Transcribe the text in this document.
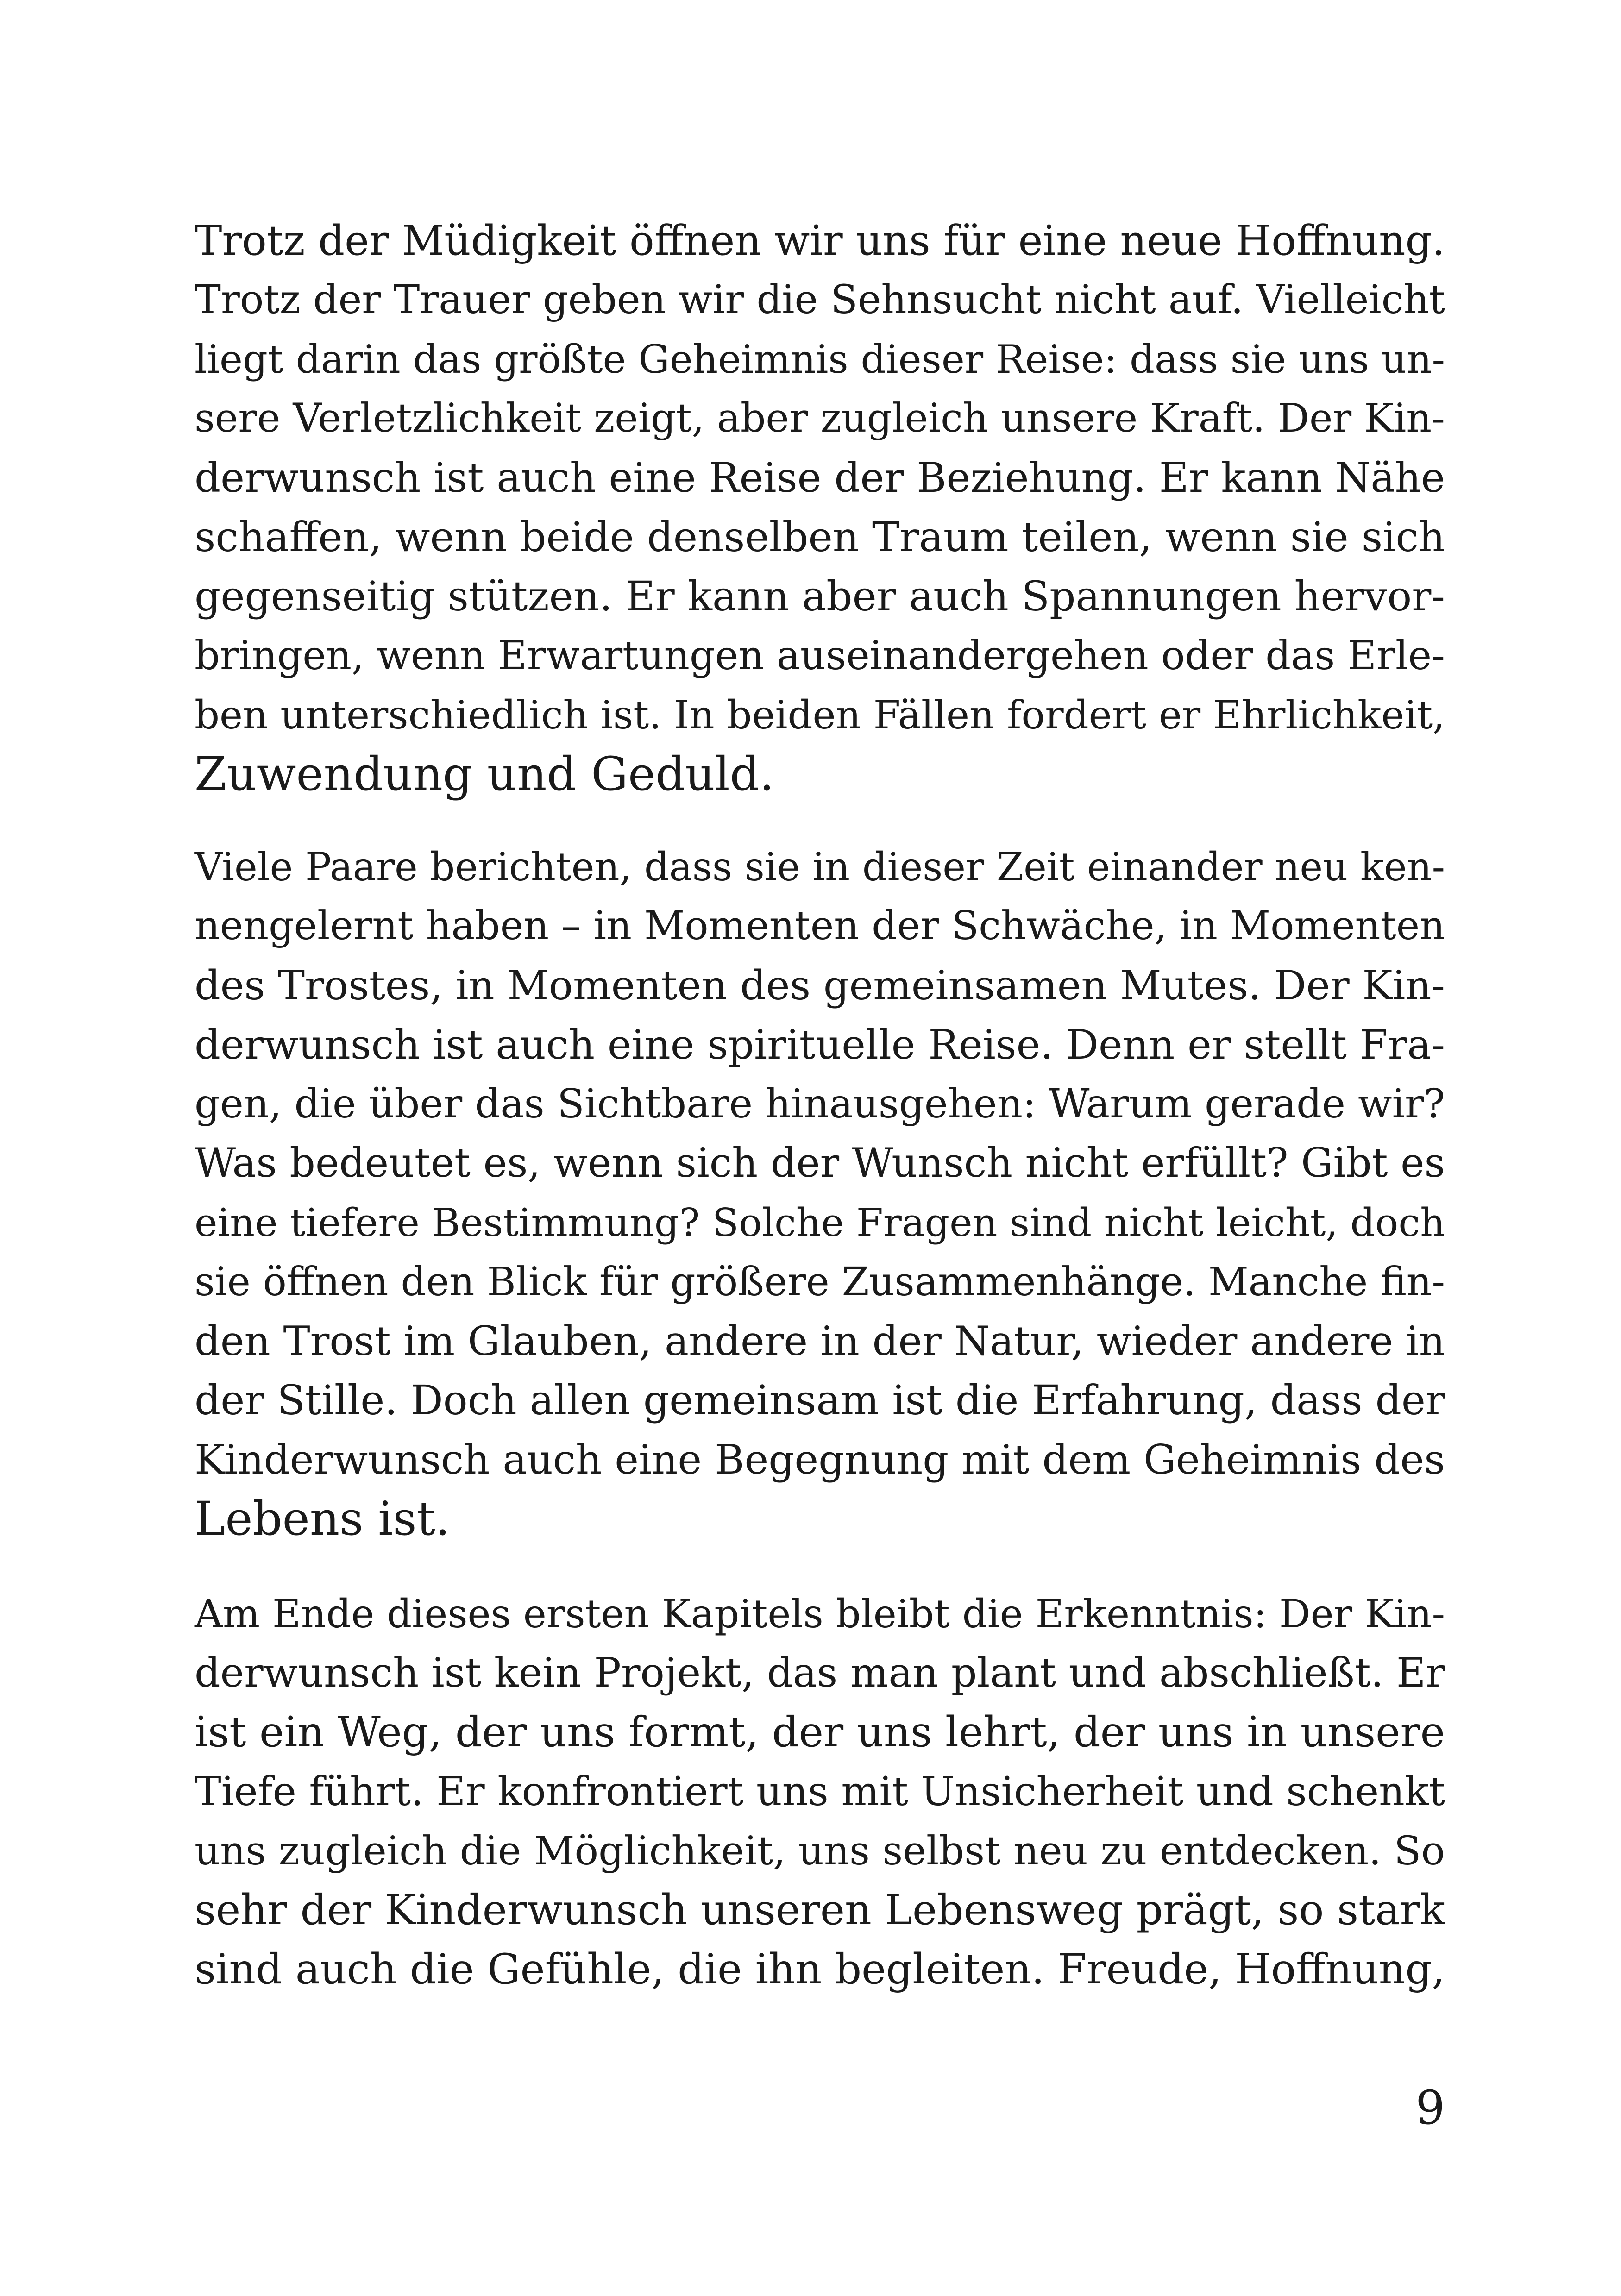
Trotz der Müdigkeit öffnen wir uns für eine neue Hoffnung.
Trotz der Trauer geben wir die Sehnsucht nicht auf. Vielleicht
liegt darin das größte Geheimnis dieser Reise: dass sie uns un-
sere Verletzlichkeit zeigt, aber zugleich unsere Kraft. Der Kin-
derwunsch ist auch eine Reise der Beziehung. Er kann Nähe
schaffen, wenn beide denselben Traum teilen, wenn sie sich
gegenseitig stützen. Er kann aber auch Spannungen hervor-
bringen, wenn Erwartungen auseinandergehen oder das Erle-
ben unterschiedlich ist. In beiden Fällen fordert er Ehrlichkeit,
Zuwendung und Geduld.
Viele Paare berichten, dass sie in dieser Zeit einander neu ken-
nengelernt haben – in Momenten der Schwäche, in Momenten
des Trostes, in Momenten des gemeinsamen Mutes. Der Kin-
derwunsch ist auch eine spirituelle Reise. Denn er stellt Fra-
gen, die über das Sichtbare hinausgehen: Warum gerade wir?
Was bedeutet es, wenn sich der Wunsch nicht erfüllt? Gibt es
eine tiefere Bestimmung? Solche Fragen sind nicht leicht, doch
sie öffnen den Blick für größere Zusammenhänge. Manche fin-
den Trost im Glauben, andere in der Natur, wieder andere in
der Stille. Doch allen gemeinsam ist die Erfahrung, dass der
Kinderwunsch auch eine Begegnung mit dem Geheimnis des
Lebens ist.
Am Ende dieses ersten Kapitels bleibt die Erkenntnis: Der Kin-
derwunsch ist kein Projekt, das man plant und abschließt. Er
ist ein Weg, der uns formt, der uns lehrt, der uns in unsere
Tiefe führt. Er konfrontiert uns mit Unsicherheit und schenkt
uns zugleich die Möglichkeit, uns selbst neu zu entdecken. So
sehr der Kinderwunsch unseren Lebensweg prägt, so stark
sind auch die Gefühle, die ihn begleiten. Freude, Hoffnung,
9
